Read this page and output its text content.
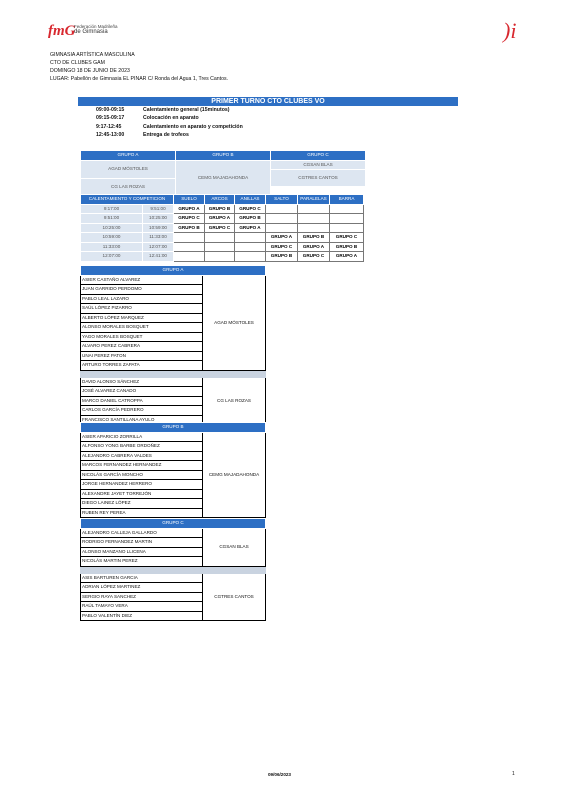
fmG
Federación Madrileña
de Gimnasia	)i
GIMNASIA ARTÍSTICA MASCULINA
CTO DE CLUBES GAM
DOMINGO 18 DE JUNIO DE 2023
LUGAR: Pabellón de Gimnasia EL PINAR C/ Ronda del Agua 1, Tres Cantos.
PRIMER TURNO CTO CLUBES VO
09:00-09:15	Calentamiento general (15minutos)
09:15-09:17	Colocación en aparato
9:17-12:45	Calentamiento en aparato y competición
12:45-13:00	Entrega de trofeos
GRUPO A	GRUPO B	GRUPO C
AGAD MÓSTOLES	CEMG MAJADAHONDA	CGSAN BLAS
		CGTRES CANTOS
CG LAS ROZAS		

CALENTAMIENTO Y COMPETICION		SUELO	ARCOS	ANILLAS	SALTO	PARALELAS	BARRA
9:17:00	9:51:00	GRUPO A	GRUPO B	GRUPO C			
9:51:00	10:25:00	GRUPO C	GRUPO A	GRUPO B			
10:25:00	10:59:00	GRUPO B	GRUPO C	GRUPO A			
10:59:00	11:33:00				GRUPO A	GRUPO B	GRUPO C
11:33:00	12:07:00				GRUPO C	GRUPO A	GRUPO B
12:07:00	12:41:00				GRUPO B	GRUPO C	GRUPO A
GRUPO A	
ASIER CASTAÑO ALVAREZ	AGAD MÓSTOLES
JUAN GARRIDO PERDOMO	
PABLO LEAL LAZARO	
SAÚL LÓPEZ PIZARRO	
ALBERTO LÓPEZ MARQUEZ	
ALONSO MORALES BOSQUET	
YAGO MORALES BOSQUET	
ALVARO PEREZ CABRERA	
UNAI PEREZ PATON	
ARTURO TORRES ZAPATA	

DAVID ALONSO SÁNCHEZ	CG LAS ROZAS
JOSÉ ALVAREZ CANADO	
MARCO DANIEL CATROPPA	
CARLOS GARCÍA PEDRERO	
FRANCISCO SANTILLANA AYULO	
GRUPO B
ASIER APARICIO ZORRILLA	CEMG MAJADAHONDA
ALFONSO YONG BARBE ORDOÑEZ
ALEJANDRO CABRERA VALDES
MARCOS FERNANDEZ HERNANDEZ
NICOLÁS GARCÍA MONCHO
JORGE HERNANDEZ HERRERO
ALEXANDRE JAYET TORREJÓN
DIEGO LAINEZ LÓPEZ
RUBEN REY PEREA
GRUPO C	
ALEJANDRO CALLEJA GALLARDO	CGSAN BLAS
RODRIGO FERNANDEZ MARTIN	
ALONSO MANZANO LLICENA	
NICOLÁS MARTIN PEREZ	

ASIS BARTUREN GARCIA	CGTRES CANTOS
ADRIAN LÓPEZ MARTINEZ	
SERGIO RAYA SANCHEZ	
RAÚL TAMAYO VERA	
PABLO VALENTÍN DIEZ	
09/06/2023	1
